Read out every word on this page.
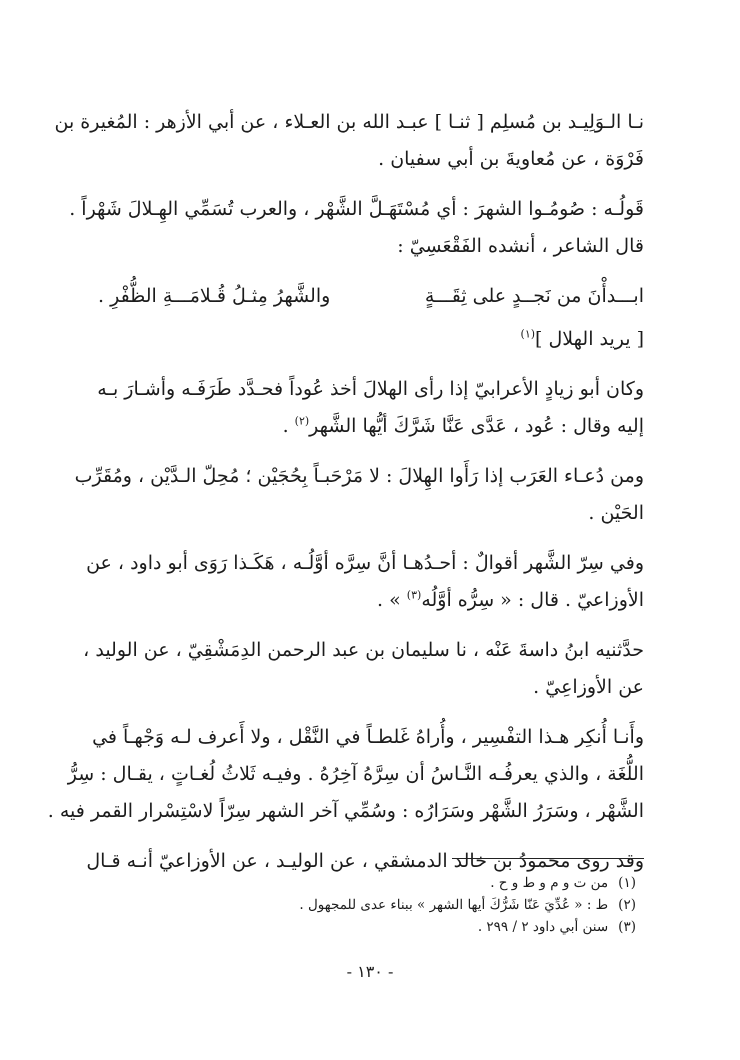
نـا الـوَلِيـد بن مُسلِم [ ثنـا ] عبـد الله بن العـلاء ، عن أبي الأزهر : المُغيرة بن
فَرْوَة ، عن مُعاويةَ بن أبي سفيان .

قَولُـه : صُومُـوا الشهرَ : أي مُسْتَهَـلَّ الشَّهْر ، والعرب تُسَمِّي الهِـلالَ شَهْراً .
قال الشاعر ، أنشده الفَقْعَسِيّ :

ابـــدأْنَ من نَجــدٍ على ثِقَـــةٍ
والشَّهرُ مِثـلُ قُـلامَـــةِ الظُّفْرِ .

[ يريد الهلال ]$^{(١)}$

وكان أبو زيادٍ الأعرابيّ إذا رأى الهلالَ أخذ عُوداً فحـدَّد طَرَفَـه وأشـارَ بـه
إليه وقال : عُود ، عَدَّى عَنَّا شَرَّكَ أيُّها الشَّهر$^{(٢)}$ .

ومن دُعـاء العَرَب إذا رَأَوا الهِلالَ : لا مَرْحَبـاً بِحُجَيْن ؛ مُحِلّ الـدَّيْن ، ومُقَرِّب
الحَيْن .

وفي سِرّ الشَّهر أقوالٌ : أحـدُهـا أنَّ سِرَّه أوَّلُـه ، هَكَـذا رَوَى أبو داود ، عن
الأوزاعيّ . قال : « سِرُّه أوَّلُه$^{(٣)}$ » .

حدَّثنيه ابنُ داسةَ عَنْه ، نا سليمان بن عبد الرحمن الدِمَشْقِيّ ، عن الوليد ،
عن الأوزاعِيّ .

وأَنـا أُنكِر هـذا التفْسِير ، وأُراهُ غَلطـاً في النَّقْل ، ولا أَعرف لـه وَجْهـاً في
اللُّغَة ، والذي يعرفُـه النَّـاسُ أن سِرَّهُ آخِرُهُ . وفيـه ثَلاثُ لُغـاتٍ ، يقـال : سِرُّ
الشَّهْر ، وسَرَرُ الشَّهْر وسَرَارُه : وسُمِّي آخر الشهر سِرّاً لاسْتِسْرار القمر فيه .

وقد روى محمودُ بن خالد الدمشقي ، عن الوليـد ، عن الأوزاعيّ أنـه قـال

(١)من ت و م و ط و ح .
(٢)ط : « عُدِّيَ عَنّا شَرُّكَ أيها الشهر » ببناء عدى للمجهول .
(٣)سنن أبي داود ٢ / ٢٩٩ .
- ١٣٠ -
